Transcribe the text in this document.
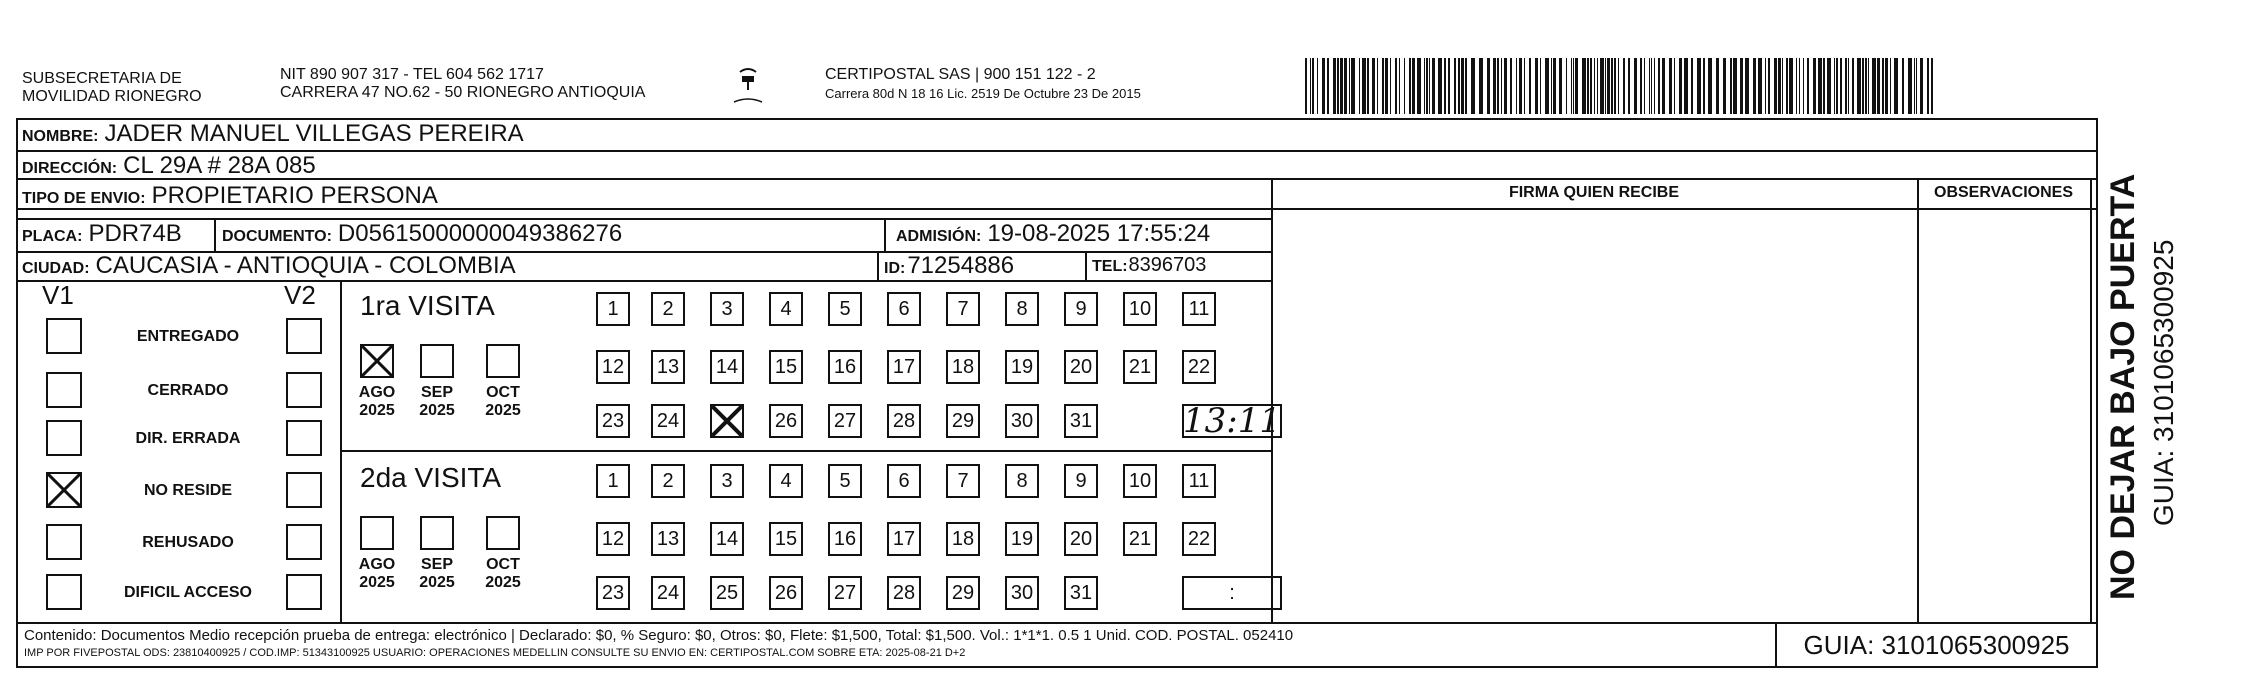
SUBSECRETARIA DE
MOVILIDAD RIONEGRO
NIT 890 907 317 - TEL 604 562 1717
CARRERA 47 NO.62 - 50 RIONEGRO ANTIOQUIA
CERTIPOSTAL SAS | 900 151 122 - 2
Carrera 80d N 18 16 Lic. 2519 De Octubre 23 De 2015
NOMBRE: JADER MANUEL VILLEGAS PEREIRA
DIRECCIÓN: CL 29A # 28A 085
TIPO DE ENVIO: PROPIETARIO PERSONA	FIRMA QUIEN RECIBE	OBSERVACIONES
PLACA: PDR74B	DOCUMENTO: D05615000000049386276	ADMISIÓN: 19-08-2025 17:55:24
CIUDAD: CAUCASIA - ANTIOQUIA - COLOMBIA	ID: 71254886	TEL: 8396703
V1	V2
ENTREGADO
CERRADO
DIR. ERRADA
NO RESIDE
REHUSADO
DIFICIL ACCESO
1ra VISITA
AGO
2025
SEP
2025
OCT
2025
1	2	3	4	5	6	7	8	9	10	11
12 13 14 15 16 17 18 19 20 21 22
23 24	26 27 28 29 30 31	13:11
2da VISITA
AGO
2025
SEP
2025
OCT
2025
1	2	3	4	5	6	7	8	9	10	11
12 13 14 15 16 17 18 19 20 21 22
23 24 25 26 27 28 29 30 31	:
Contenido: Documentos Medio recepción prueba de entrega: electrónico | Declarado: $0, % Seguro: $0, Otros: $0, Flete: $1,500, Total: $1,500. Vol.: 1*1*1. 0.5 1 Unid. COD. POSTAL. 052410
IMP POR FIVEPOSTAL ODS: 23810400925 / COD.IMP: 51343100925 USUARIO: OPERACIONES MEDELLIN CONSULTE SU ENVIO EN: CERTIPOSTAL.COM SOBRE ETA: 2025-08-21 D+2	GUIA: 3101065300925
NO DEJAR BAJO PUERTA GUIA: 3101065300925
